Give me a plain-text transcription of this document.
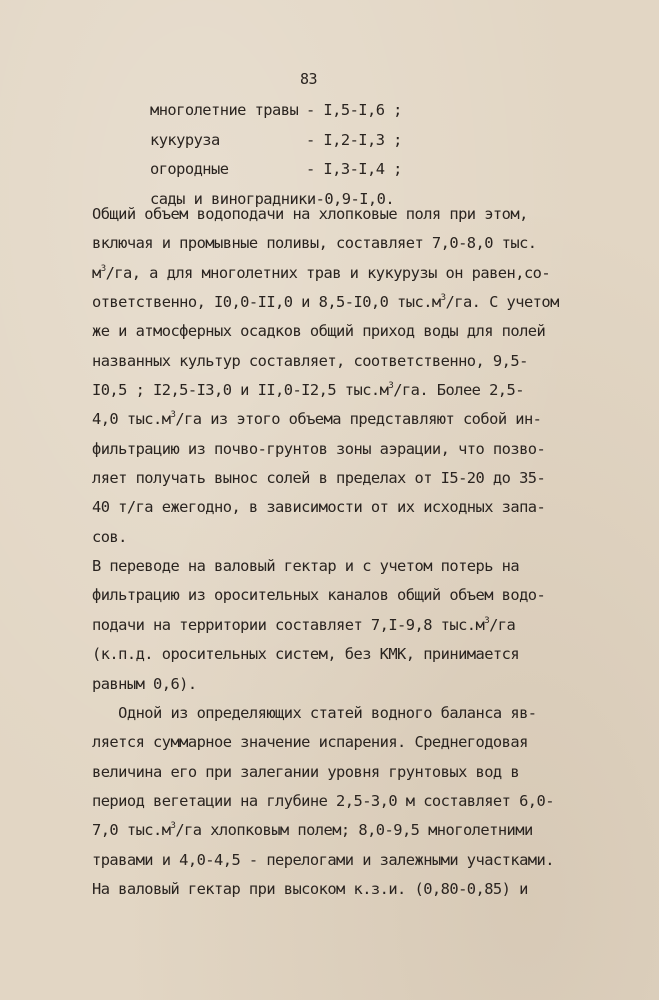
83
многолетние травы - I,5-I,6 ;
кукуруза	- I,2-I,3 ;
огородные	- I,3-I,4 ;
сады и виноградники -0,9-I,0.
Общий объем водоподачи на хлопковые поля при этом,
включая и промывные поливы, составляет 7,0-8,0 тыс.
$м^3/га$, а для многолетних трав и кукурузы он равен,со-
ответственно, I0,0-II,0 и 8,5-I0,0 $тыс.м^3/га$. С учетом
же и атмосферных осадков общий приход воды для полей
названных культур составляет, соответственно, 9,5-
I0,5 ; I2,5-I3,0 и II,0-I2,5 $тыс.м^3/га$. Более 2,5-
4,0 $тыс.м^3/га$ из этого объема представляют собой ин-
фильтрацию из почво-грунтов зоны аэрации, что позво-
ляет получать вынос солей в пределах от I5-20 до 35-
40 т/га ежегодно, в зависимости от их исходных запа-
сов.
В переводе на валовый гектар и с учетом потерь на
фильтрацию из оросительных каналов общий объем водо-
подачи на территории составляет 7,I-9,8 $тыс.м^3/га$
(к.п.д. оросительных систем, без КМК, принимается
равным 0,6).
Одной из определяющих статей водного баланса яв-
ляется суммарное значение испарения. Среднегодовая
величина его при залегании уровня грунтовых вод в
период вегетации на глубине 2,5-3,0 м составляет 6,0-
7,0 $тыс.м^3/га$ хлопковым полем; 8,0-9,5 многолетними
травами и 4,0-4,5 - перелогами и залежными участками.
На валовый гектар при высоком к.з.и. (0,80-0,85) и
